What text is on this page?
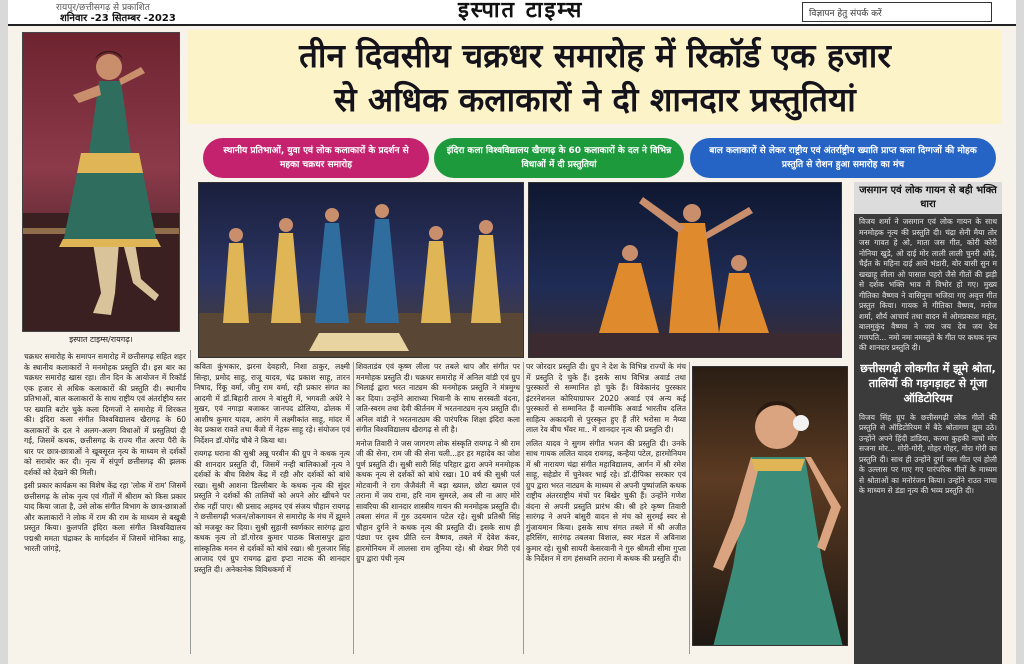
रायपुर/छत्तीसगढ़ से प्रकाशित
शनिवार -23 सितम्बर -2023	इस्पात टाइम्स	विज्ञापन हेतु संपर्क करें
इस्पात टाइम्स/रायगढ़।
तीन दिवसीय चक्रधर समारोह में रिकॉर्ड एक हजार
से अधिक कलाकारों ने दी शानदार प्रस्तुतियां
स्थानीय प्रतिभाओं, युवा एवं लोक कलाकारों के प्रदर्शन से महका चक्रधर समारोह
इंदिरा कला विश्वविद्यालय खैरागढ़ के 60 कलाकारों के दल ने विभिन्न विधाओं में दी प्रस्तुतियां
बाल कलाकारों से लेकर राष्ट्रीय एवं अंतर्राष्ट्रीय ख्याति प्राप्त कला दिग्गजों की मोहक प्रस्तुति से रोशन हुआ समारोह का मंच
जसगान एवं लोक गायन से बही भक्ति धारा
विजय शर्मा ने जसगान एवं लोक गायन के साथ मनमोहक नृत्य की प्रस्तुति दी। चंद्रा सेनी मैया तोर जस गावत हे ओ, माता जस गीत, कोरी कोरी नोनिया खुडे, ओ दाई मोर लाली लाली चुनरी ओढ़े, चैईंत के महिना दाई आये भंडारी, बोर बासी सुन म खखाहू लीला ओ पासात पहरो जैसे गीतों की झड़ी से दर्शक भक्ति भाव में विभोर हो गए। मुख्य गीतिका वैष्णव ने वासिनुमा भजिय़ा गए अवृत्त गीत प्रस्तुत किया। गायक मे गीतिका वैष्णव, मनोज शर्मा, शौर्य आचार्य तथा वादन में ओमप्रकाश महंत, बालमुकुंद वैष्णव ने जय जय देव जय देव गणपति... नमो नमः नमस्तुते के गीत पर कथक नृत्य की शानदार प्रस्तुति दी।
छत्तीसगढ़ी लोकगीत में झूमे श्रोता, तालियों की गड़गड़ाहट से गूंजा ऑडिटोरियम
विजय सिंह ग्रुप के छत्तीसगढ़ी लोक गीतों की प्रस्तुति से ऑडिटोरियम में बैठे श्रोतागण झूम उठे। उन्होंने अपने हिंदी डांडिया, करमा कुहकी नाचो मोर सजना मोर... गोरी-गोरी, गोहर गोहर, गोरा गोरी का प्रस्तुति दी। साथ ही उन्होंने दुर्गा जस गीत एवं होली के उल्लास पर गाए गए पारंपरिक गीतों के माध्यम से श्रोताओं का मनोरंजन किया। उन्होंने राउत नाचा के माध्यम से डंडा नृत्य की भव्य प्रस्तुति दी।

चक्रधर समारोह के समापन समारोह में छत्तीसगढ़ सहित शहर के स्थानीय कलाकारों ने मनमोहक प्रस्तुति दी। इस बार का चक्रधर समारोह खास रहा। तीन दिन के आयोजन में रिकॉर्ड एक हजार से अधिक कलाकारों की प्रस्तुति दी। स्थानीय प्रतिभाओं, बाल कलाकारों के साथ राष्ट्रीय एवं अंतर्राष्ट्रीय स्तर पर ख्याति बटोर चुके कला दिग्गजों ने समारोह में शिरकत की। इंदिरा कला संगीत विश्वविद्यालय खैरागढ़ के 60 कलाकारों के दल ने अलग-अलग विधाओं में प्रस्तुतियां दी गई, जिसमें कथक, छत्तीसगढ़ के राज्य गीत अरपा पैरी के धार पर छात्र-छात्राओं ने खूबसूरत नृत्य के माध्यम से दर्शकों को सराबोर कर दी। नृत्य में संपूर्ण छत्तीसगढ़ की झलक दर्शकों को देखने की मिली।

इसी प्रकार कार्यक्रम का विशेष केंद्र रहा 'लोक में राम' जिसमें छत्तीसगढ़ के लोक नृत्य एवं गीतों में श्रीराम को किस प्रकार याद किया जाता है, उसे लोक संगीत विभाग के छात्र-छात्राओं और कलाकारों ने लोक में राम की राम के माध्यम से बखूबी प्रस्तुत किया। कुलपति इंदिरा कला संगीत विश्वविद्यालय पद्मश्री ममता चंद्राकर के मार्गदर्शन में जिसमें मोनिका साहू, भारती जांगड़े,

कविता कुंभकार, झरना देवहारी, निशा ठाकुर, लक्ष्मी सिन्हा, प्रमोद साहू, राजू यादव, चंद्र प्रकाश साहू, तारन निषाद, रिंकू वर्मा, जीनु राम वर्मा, रही प्रकार संगत का आदमी में डॉ.बिहारी तारम ने बांसुरी में, भगवती अधेरे ने मुखर, एवं नगाड़ा बजाकर जानपद ढोलिया, ढोलक में आशीष कुमार यादव, आरंग में लक्ष्मीकांत साहू, मांदर में वेद प्रकाश रावते तथा बैंजो में नेहरू साहू रहे। संयोजन एवं निर्देशन डॉ.योगेंद्र चौबे ने किया था।

रायगढ़ घराना की सुश्री अन्नू परवीन की ग्रुप ने कथक नृत्य की शानदार प्रस्तुति दी, जिसमें नन्ही बालिकाओं नृत्य ने दर्शकों के बीच विशेष केंद्र में रही और दर्शकों को बांधे रखा। सुश्री आशना डिल्लीबार के कथक नृत्य की सुंदर प्रस्तुति ने दर्शकों की तालियों को अपने ओर खींचने पर रोक नहीं पाए। श्री प्रसाद अहमद एवं संजय चौहान रायगढ़ ने छत्तीसगढ़ी भजन/लोकगायन से समारोह के मंच में झूमने को मजबूर कर दिया। सुश्री सुहानी स्वर्णकार सारंगढ़ द्वारा कथक नृत्य तो डॉ.गोरव कुमार पाठक बिलासपुर द्वारा सांस्कृतिक मनन से दर्शकों को बांधे रखा। श्री गुलजार सिंह आजाद एवं ग्रुप रायगढ़ द्वारा इप्टा नाटक की शानदार प्रस्तुति दी। अनेकानेक विविधकर्मा में

शिवताडंव एवं कृष्ण लीला पर तबले थाप और संगीत पर मनमोहक प्रस्तुति दी। चक्रधर समारोह में अनिल वांडी एवं ग्रुप भिलाई द्वारा भरत नाट्यम की मनमोहक प्रस्तुति ने मंत्रमुग्ध कर दिया। उन्होंने आराध्या भिवानी के साथ सरस्वती वंदना, जति-स्वरम तथा देवी कीर्तनम में भरतनाट्यम नृत्य प्रस्तुति दी। अनिल वांडी ने भरतनाट्यम की पारंपरिक शिक्षा इंदिरा कला संगीत विश्वविद्यालय खैरागढ़ से ली है।

मनोज तिवारी ने जस जागरण लोक संस्कृति रायगढ़ ने श्री राम जी की सेना, राम जी की सेना चली...हर हर महादेव का जोश पूर्ण प्रस्तुति दी। सुश्री सारी सिंह परिहार द्वारा अपने मनमोहक कथक नृत्य से दर्शकों को बांधे रखा। 10 वर्ष की सुश्री पर्ल मोटवानी ने राग जैजैवंती में बड़ा ख्याल, छोटा ख्याल एवं तराना में जय रामा, हरि नाम सुमरले, अब ली ना आए मोरे सावरिया की शानदार शास्त्रीय गायन की मनमोहक प्रस्तुति दी। तबला संगत में गुरु उदयमान पटेल रहे। सुश्री प्रतिश्री सिंह चौहान दुर्गने ने कथक नृत्य की प्रस्तुति दी। इसके साथ ही पंड्या पर दृश्य प्रीति रत्न वैष्णव, तबले में देवेश कंवर, हारमोनियम में लालसा राम लूनिया रहे। श्री शेखर गिरी एवं ग्रुप द्वारा पंथी नृत्य

पर जोरदार प्रस्तुति दी। ग्रुप ने देश के विभिन्न राज्यों के मंच में प्रस्तुति दे चुके हैं। इसके साथ विभिन्न अवार्ड तथा पुरस्कारों से सम्मानित हो चुके हैं। विवेकानंद पुरस्कार इंटरनेशनल कोरियाग्राफर 2020 अवार्ड एवं अन्य कई पुरस्कारों से सम्मानित हैं वाल्मीकि अवार्ड भारतीय दलित साहित्य अकादमी से पुरस्कृत हुए हैं तीरे भरोसा म नैय्या लाल रेव बीच भँवर मा.. में शानदार नृत्य की प्रस्तुति दी।

ललित यादव ने सुगम संगीत भजन की प्रस्तुति दी। उनके साथ गायक ललित यादव रायगढ़, कन्हैया पटेल, हारमोनियम में श्री नारायण चंद्रा संगीत महाविद्यालय, आर्गन में श्री रमेश साहू, सहेडोर में चुनेश्वर भाई रहे। डॉ.दीपिका सरकार एवं ग्रुप द्वारा भरत नाट्यम के माध्यम से अपनी पुष्पांजलि कथक राष्ट्रीय अंतरराष्ट्रीय मंचों पर बिखेर चुकी हैं। उन्होंने गणेश वंदना से अपनी प्रस्तुति प्रारंभ की। श्री हरे कृष्ण तिवारी सारंगढ़ ने अपने बांसुरी वादन से मंच को सुरमई स्वर से गुंजायमान किया। इसके साथ संगत तबले में श्री अजीत हरिसिंग, सारंगढ़ तबलवा विशाल, स्वर मंडल में अविनाश कुमार रहे। सुश्री सायरी केसरवानी ने गुरु श्रीमती सीमा गुप्ता के निर्देशन में राग हंसध्वनि तराना में कथक की प्रस्तुति दी।
